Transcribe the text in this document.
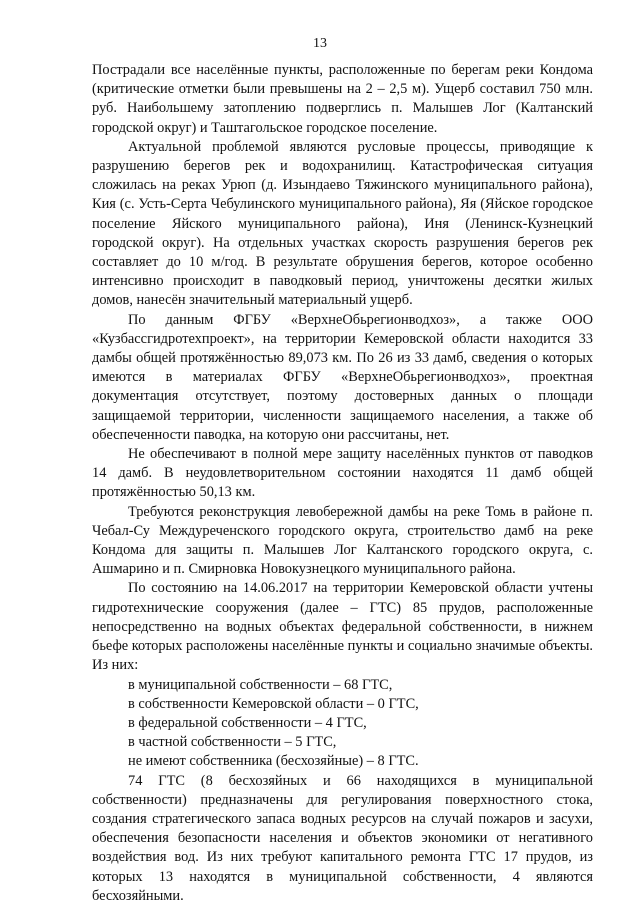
13

Пострадали все населённые пункты, расположенные по берегам реки Кондома (критические отметки были превышены на 2 – 2,5 м). Ущерб составил 750 млн. руб. Наибольшему затоплению подверглись п. Малышев Лог (Калтанский городской округ) и Таштагольское городское поселение.

Актуальной проблемой являются русловые процессы, приводящие к разрушению берегов рек и водохранилищ. Катастрофическая ситуация сложилась на реках Урюп (д. Изындаево Тяжинского муниципального района), Кия (с. Усть-Серта Чебулинского муниципального района), Яя (Яйское городское поселение Яйского муниципального района), Иня (Ленинск-Кузнецкий городской округ). На отдельных участках скорость разрушения берегов рек составляет до 10 м/год. В результате обрушения берегов, которое особенно интенсивно происходит в паводковый период, уничтожены десятки жилых домов, нанесён значительный материальный ущерб.

По данным ФГБУ «ВерхнеОбьрегионводхоз», а также ООО «Кузбассгидротехпроект», на территории Кемеровской области находится 33 дамбы общей протяжённостью 89,073 км. По 26 из 33 дамб, сведения о которых имеются в материалах ФГБУ «ВерхнеОбьрегионводхоз», проектная документация отсутствует, поэтому достоверных данных о площади защищаемой территории, численности защищаемого населения, а также об обеспеченности паводка, на которую они рассчитаны, нет.

Не обеспечивают в полной мере защиту населённых пунктов от паводков 14 дамб. В неудовлетворительном состоянии находятся 11 дамб общей протяжённостью 50,13 км.

Требуются реконструкция левобережной дамбы на реке Томь в районе п. Чебал-Су Междуреченского городского округа, строительство дамб на реке Кондома для защиты п. Малышев Лог Калтанского городского округа, с. Ашмарино и п. Смирновка Новокузнецкого муниципального района.

По состоянию на 14.06.2017 на территории Кемеровской области учтены гидротехнические сооружения (далее – ГТС) 85 прудов, расположенные непосредственно на водных объектах федеральной собственности, в нижнем бьефе которых расположены населённые пункты и социально значимые объекты. Из них:

в муниципальной собственности – 68 ГТС,
в собственности Кемеровской области – 0 ГТС,
в федеральной собственности – 4 ГТС,
в частной собственности – 5 ГТС,
не имеют собственника (бесхозяйные) – 8 ГТС.

74 ГТС (8 бесхозяйных и 66 находящихся в муниципальной собственности) предназначены для регулирования поверхностного стока, создания стратегического запаса водных ресурсов на случай пожаров и засухи, обеспечения безопасности населения и объектов экономики от негативного воздействия вод. Из них требуют капитального ремонта ГТС 17 прудов, из которых 13 находятся в муниципальной собственности, 4 являются бесхозяйными.
